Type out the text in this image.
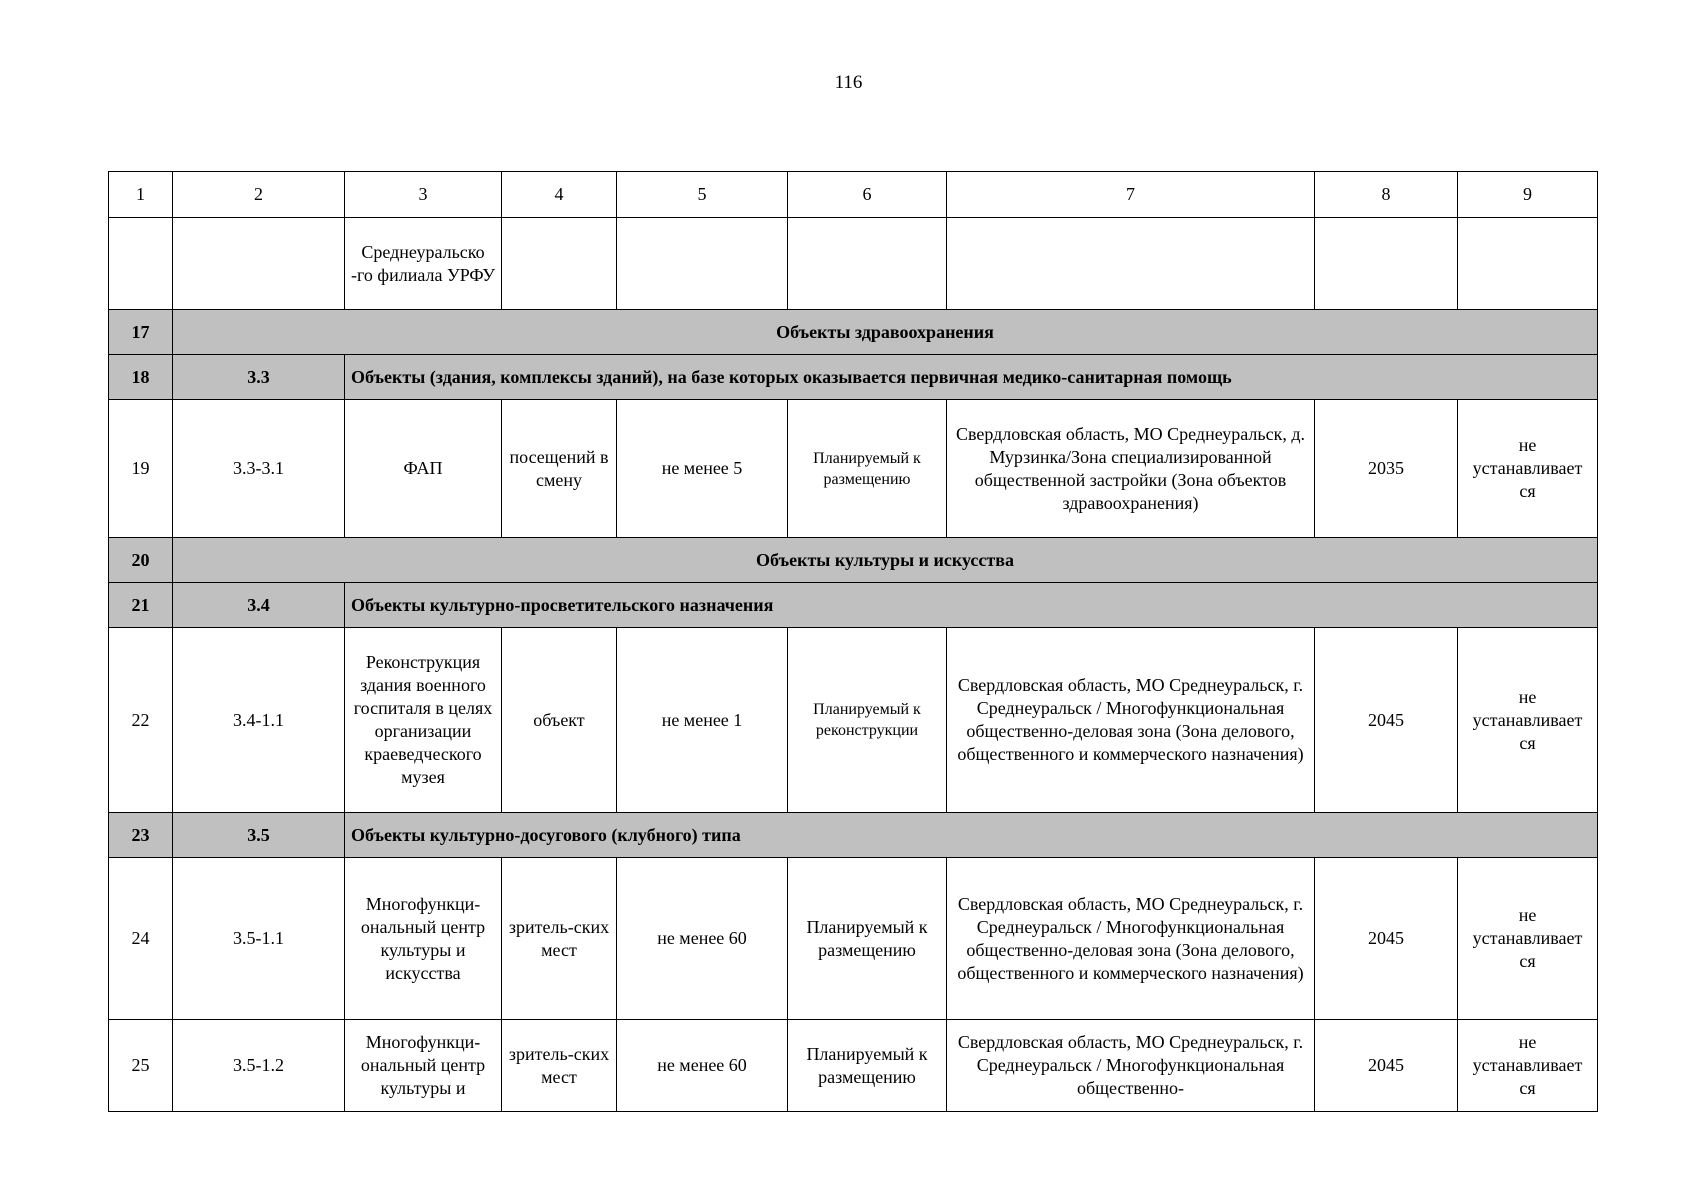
116
1	2	3	4	5	6	7	8	9
		Среднеуральско -го филиала УРФУ						
17	Объекты здравоохранения							
18	3.3	Объекты (здания, комплексы зданий), на базе которых оказывается первичная медико-санитарная помощь						
19	3.3-3.1	ФАП	посещений в смену	не менее 5	Планируемый к размещению	Свердловская область, МО Среднеуральск, д. Мурзинка/Зона специализированной общественной застройки (Зона объектов здравоохранения)	2035	не устанавливает ся
20	Объекты культуры и искусства							
21	3.4	Объекты культурно-просветительского назначения						
22	3.4-1.1	Реконструкция здания военного госпиталя в целях организации краеведческого музея	объект	не менее 1	Планируемый к реконструкции	Свердловская область, МО Среднеуральск, г. Среднеуральск / Многофункциональная общественно-деловая зона (Зона делового, общественного и коммерческого назначения)	2045	не устанавливает ся
23	3.5	Объекты культурно-досугового (клубного) типа						
24	3.5-1.1	Многофункци-ональный центр культуры и искусства	зритель-ских мест	не менее 60	Планируемый к размещению	Свердловская область, МО Среднеуральск, г. Среднеуральск / Многофункциональная общественно-деловая зона (Зона делового, общественного и коммерческого назначения)	2045	не устанавливает ся
25	3.5-1.2	Многофункци-ональный центр культуры и	зритель-ских мест	не менее 60	Планируемый к размещению	Свердловская область, МО Среднеуральск, г. Среднеуральск / Многофункциональная общественно-	2045	не устанавливает ся
